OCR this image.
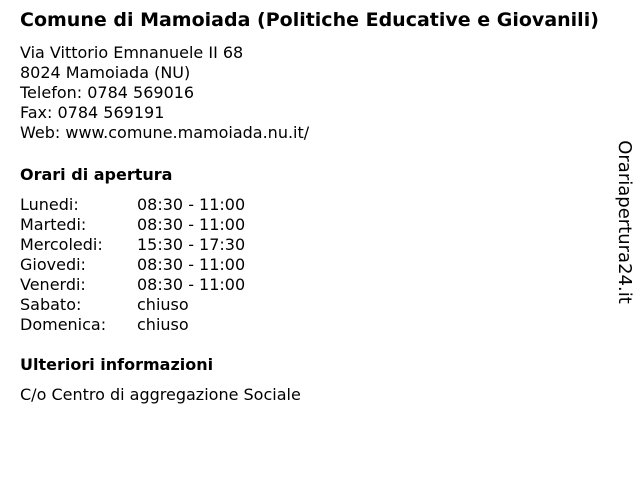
Comune di Mamoiada (Politiche Educative e Giovanili)
Via Vittorio Emnanuele II 68
8024 Mamoiada (NU)
Telefon: 0784 569016
Fax: 0784 569191
Web: www.comune.mamoiada.nu.it/
Orari di apertura
Lunedi:	08:30 - 11:00
Martedi:	08:30 - 11:00
Mercoledi:	15:30 - 17:30
Giovedi:	08:30 - 11:00
Venerdi:	08:30 - 11:00
Sabato:	chiuso
Domenica:	chiuso
Ulteriori informazioni
C/o Centro di aggregazione Sociale
Orariapertura24.it
